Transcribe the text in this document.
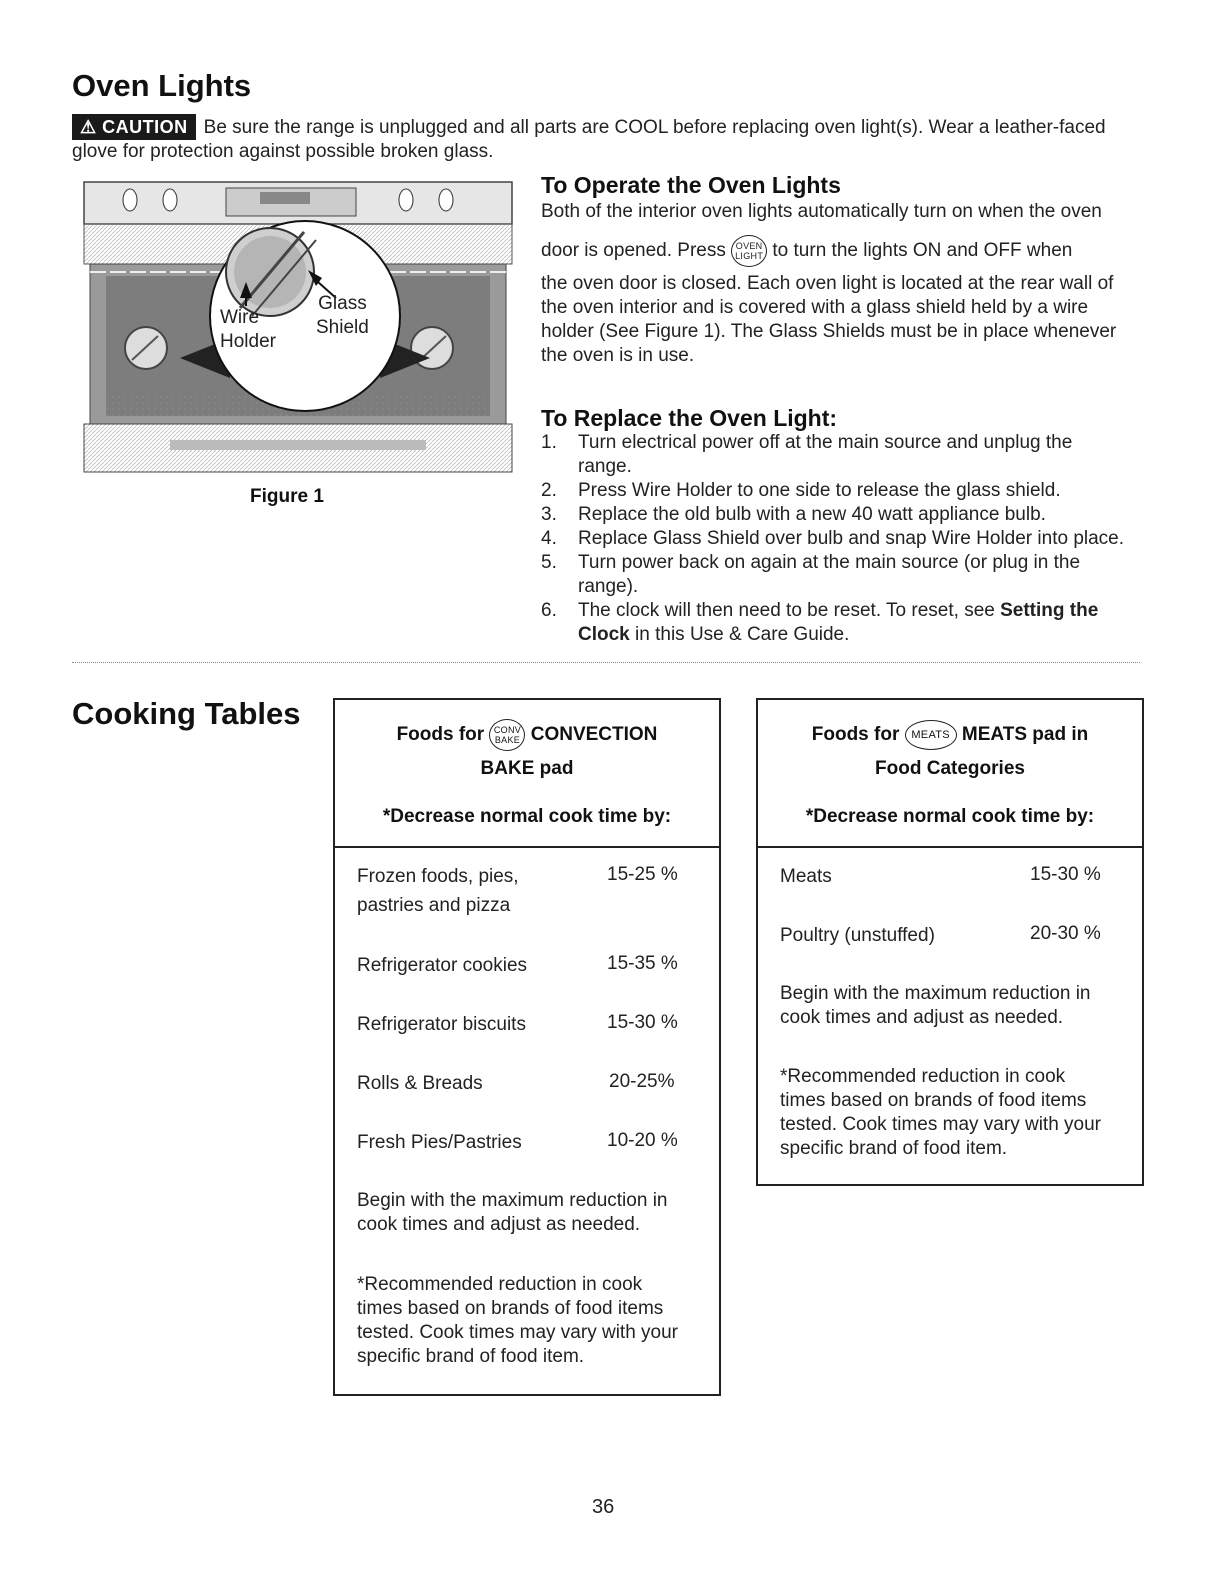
Oven Lights
⚠ CAUTION Be sure the range is unplugged and all parts are COOL before replacing oven light(s). Wear a leather-faced
glove for protection against possible broken glass.
Wire
Holder
Glass
Shield
Figure 1
To Operate the Oven Lights
Both of the interior oven lights automatically turn on when the oven
door is opened. Press OVEN
LIGHT to turn the lights ON and OFF when
the oven door is closed. Each oven light is located at the rear wall of
the oven interior and is covered with a glass shield held by a wire
holder (See Figure 1). The Glass Shields must be in place whenever
the oven is in use.
To Replace the Oven Light:
1. Turn electrical power off at the main source and unplug the
range.
2. Press Wire Holder to one side to release the glass shield.
3. Replace the old bulb with a new 40 watt appliance bulb.
4. Replace Glass Shield over bulb and snap Wire Holder into place.
5. Turn power back on again at the main source (or plug in the
range).
6. The clock will then need to be reset. To reset, see Setting the
Clock in this Use & Care Guide.
Cooking Tables
Foods for CONV
BAKE CONVECTION
BAKE pad
*Decrease normal cook time by:
Frozen foods, pies,
pastries and pizza
15-25 %
Refrigerator cookies	15-35 %
Refrigerator biscuits	15-30 %
Rolls & Breads	20-25%
Fresh Pies/Pastries	10-20 %
Begin with the maximum reduction in
cook times and adjust as needed.
*Recommended reduction in cook
times based on brands of food items
tested. Cook times may vary with your
specific brand of food item.
Foods for MEATS MEATS pad in
Food Categories
*Decrease normal cook time by:
Meats	15-30 %
Poultry (unstuffed)	20-30 %
Begin with the maximum reduction in
cook times and adjust as needed.
*Recommended reduction in cook
times based on brands of food items
tested. Cook times may vary with your
specific brand of food item.
36
